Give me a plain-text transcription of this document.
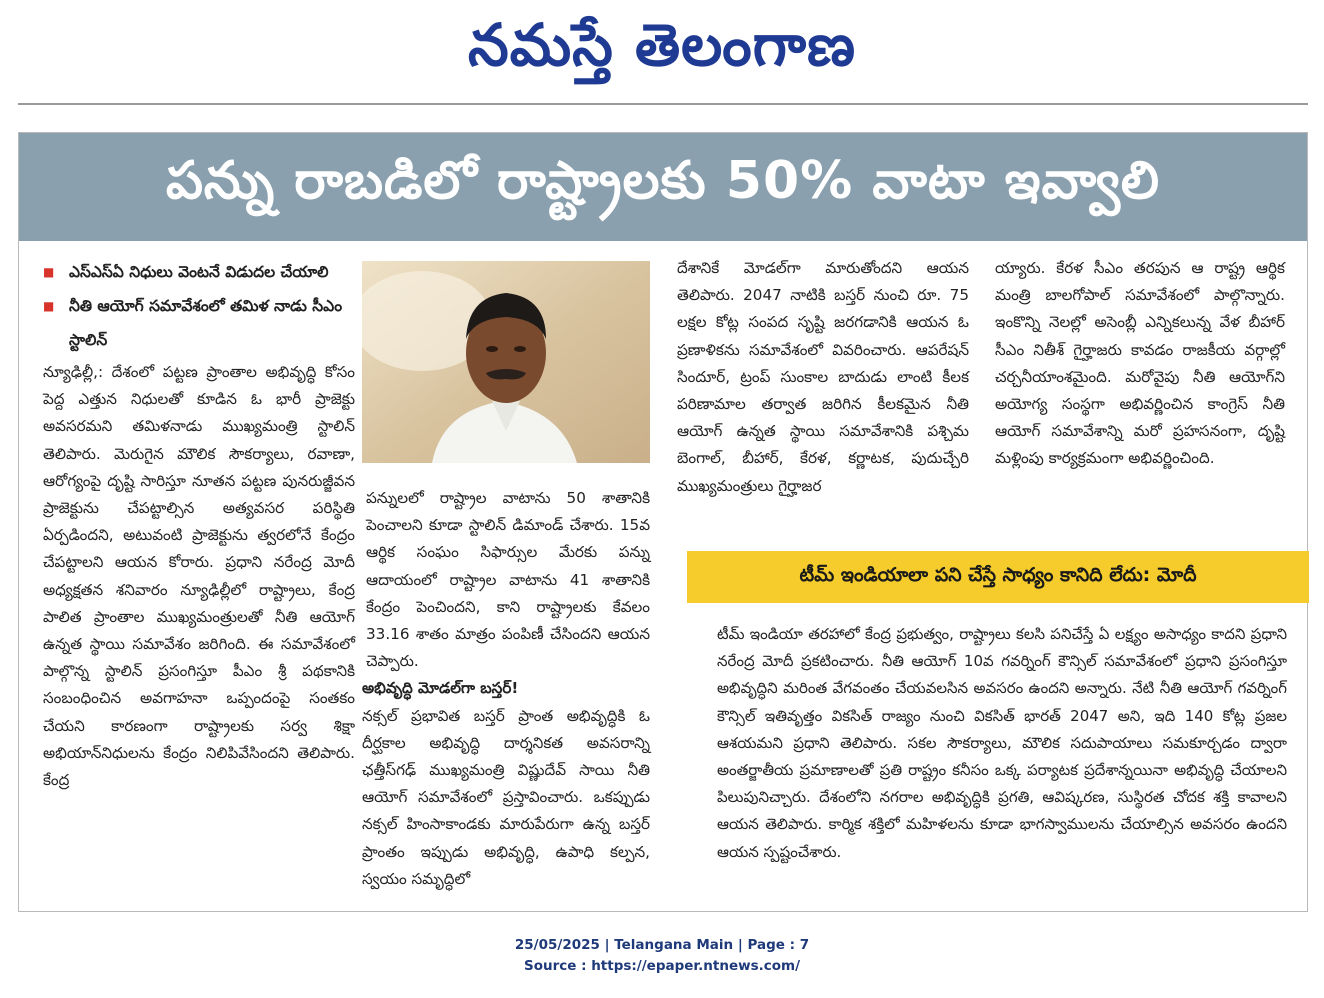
నమస్తే తెలంగాణ
పన్ను రాబడిలో రాష్ట్రాలకు 50% వాటా ఇవ్వాలి
■ ఎస్‌ఎస్‌ఏ నిధులు వెంటనే విడుదల చేయాలి
■ నీతి ఆయోగ్ సమావేశంలో తమిళ నాడు సీఎం స్టాలిన్

న్యూఢిల్లీ,: దేశంలో పట్టణ ప్రాంతాల అభివృద్ధి కోసం పెద్ద ఎత్తున నిధులతో కూడిన ఓ భారీ ప్రాజెక్టు అవసరమని తమిళనాడు ముఖ్యమంత్రి స్టాలిన్ తెలిపారు. మెరుగైన మౌలిక సౌకర్యాలు, రవాణా, ఆరోగ్యంపై దృష్టి సారిస్తూ నూతన పట్టణ పునరుజ్జీవన ప్రాజెక్టును చేపట్టాల్సిన అత్యవసర పరిస్థితి ఏర్పడిందని, అటువంటి ప్రాజెక్టును త్వరలోనే కేంద్రం చేపట్టాలని ఆయన కోరారు. ప్రధాని నరేంద్ర మోదీ అధ్యక్షతన శనివారం న్యూఢిల్లీలో రాష్ట్రాలు, కేంద్ర పాలిత ప్రాంతాల ముఖ్యమంత్రులతో నీతి ఆయోగ్ ఉన్నత స్థాయి సమావేశం జరిగింది. ఈ సమావేశంలో పాల్గొన్న స్టాలిన్ ప్రసంగిస్తూ పీఎం శ్రీ పథకానికి సంబంధించిన అవగాహనా ఒప్పందంపై సంతకం చేయని కారణంగా రాష్ట్రాలకు సర్వ శిక్షా అభియాన్‌నిధులను కేంద్రం నిలిపివేసిందని తెలిపారు. కేంద్ర

పన్నులలో రాష్ట్రాల వాటాను 50 శాతానికి పెంచాలని కూడా స్టాలిన్ డిమాండ్ చేశారు. 15వ ఆర్థిక సంఘం సిఫార్సుల మేరకు పన్ను ఆదాయంలో రాష్ట్రాల వాటాను 41 శాతానికి కేంద్రం పెంచిందని, కాని రాష్ట్రాలకు కేవలం 33.16 శాతం మాత్రం పంపిణీ చేసిందని ఆయన చెప్పారు.

అభివృద్ధి మోడల్‌గా బస్తర్!

నక్సల్ ప్రభావిత బస్తర్ ప్రాంత అభివృద్ధికి ఓ దీర్ఘకాల అభివృద్ధి దార్శనికత అవసరాన్ని ఛత్తీస్‌గఢ్ ముఖ్యమంత్రి విష్ణుదేవ్ సాయి నీతి ఆయోగ్ సమావేశంలో ప్రస్తావించారు. ఒకప్పుడు నక్సల్ హింసాకాండకు మారుపేరుగా ఉన్న బస్తర్ ప్రాంతం ఇప్పుడు అభివృద్ధి, ఉపాధి కల్పన, స్వయం సమృద్ధిలో

దేశానికే మోడల్‌గా మారుతోందని ఆయన తెలిపారు. 2047 నాటికి బస్తర్ నుంచి రూ. 75 లక్షల కోట్ల సంపద సృష్టి జరగడానికి ఆయన ఓ ప్రణాళికను సమావేశంలో వివరించారు. ఆపరేషన్ సిందూర్, ట్రంప్ సుంకాల బాదుడు లాంటి కీలక పరిణామాల తర్వాత జరిగిన కీలకమైన నీతి ఆయోగ్ ఉన్నత స్థాయి సమావేశానికి పశ్చిమ బెంగాల్, బీహార్, కేరళ, కర్ణాటక, పుదుచ్చేరి ముఖ్యమంత్రులు గైర్హాజర

య్యారు. కేరళ సీఎం తరపున ఆ రాష్ట్ర ఆర్థిక మంత్రి బాలగోపాల్ సమావేశంలో పాల్గొన్నారు. ఇంకొన్ని నెలల్లో అసెంబ్లీ ఎన్నికలున్న వేళ బీహార్ సీఎం నితీశ్ గైర్హాజరు కావడం రాజకీయ వర్గాల్లో చర్చనీయాంశమైంది. మరోవైపు నీతి ఆయోగ్‌ని అయోగ్య సంస్థగా అభివర్ణించిన కాంగ్రెస్ నీతి ఆయోగ్ సమావేశాన్ని మరో ప్రహసనంగా, దృష్టి మళ్లింపు కార్యక్రమంగా అభివర్ణించింది.

టీమ్ ఇండియాలా పని చేస్తే సాధ్యం కానిది లేదు: మోదీ
టీమ్ ఇండియా తరహాలో కేంద్ర ప్రభుత్వం, రాష్ట్రాలు కలసి పనిచేస్తే ఏ లక్ష్యం అసాధ్యం కాదని ప్రధాని నరేంద్ర మోదీ ప్రకటించారు. నీతి ఆయోగ్ 10వ గవర్నింగ్ కౌన్సిల్ సమావేశంలో ప్రధాని ప్రసంగిస్తూ అభివృద్ధిని మరింత వేగవంతం చేయవలసిన అవసరం ఉందని అన్నారు. నేటి నీతి ఆయోగ్ గవర్నింగ్ కౌన్సిల్ ఇతివృత్తం వికసిత్ రాజ్యం నుంచి వికసిత్ భారత్ 2047 అని, ఇది 140 కోట్ల ప్రజల ఆశయమని ప్రధాని తెలిపారు. సకల సౌకర్యాలు, మౌలిక సదుపాయాలు సమకూర్చడం ద్వారా అంతర్జాతీయ ప్రమాణాలతో ప్రతి రాష్ట్రం కనీసం ఒక్క పర్యాటక ప్రదేశాన్నయినా అభివృద్ధి చేయాలని పిలుపునిచ్చారు. దేశంలోని నగరాల అభివృద్ధికి ప్రగతి, ఆవిష్కరణ, సుస్థిరత చోదక శక్తి కావాలని ఆయన తెలిపారు. కార్మిక శక్తిలో మహిళలను కూడా భాగస్వాములను చేయాల్సిన అవసరం ఉందని ఆయన స్పష్టంచేశారు.
25/05/2025 | Telangana Main | Page : 7
Source : https://epaper.ntnews.com/
